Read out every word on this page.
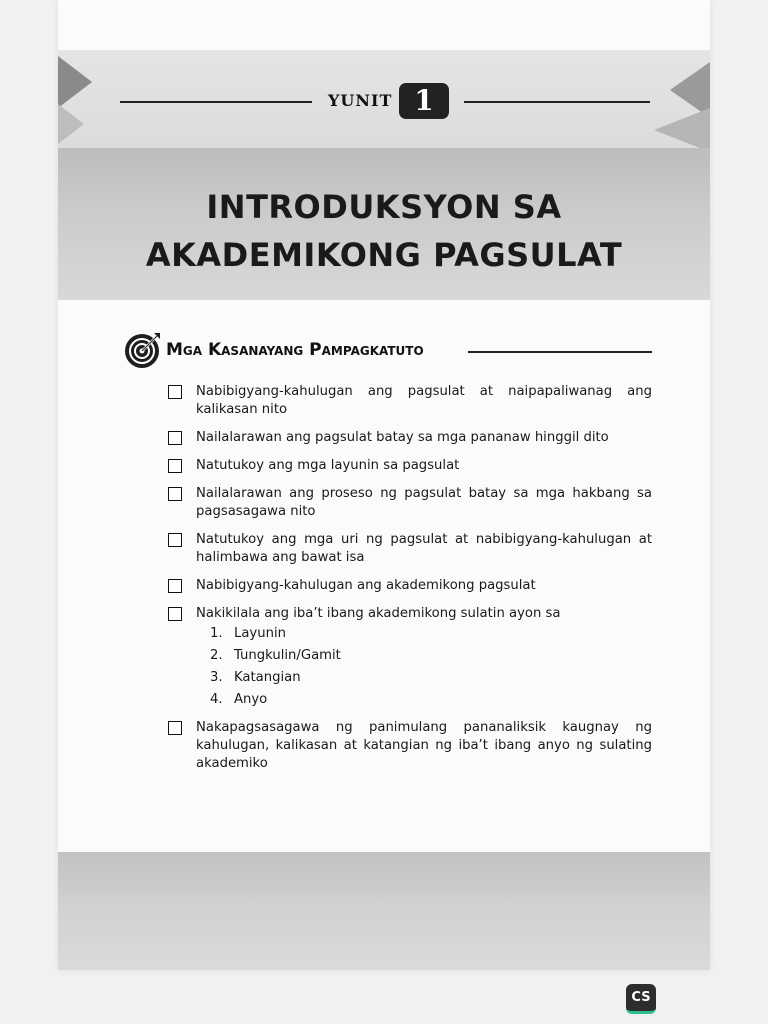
YUNIT 1
INTRODUKSYON SA
AKADEMIKONG PAGSULAT
Mga Kasanayang Pampagkatuto
Nabibigyang-kahulugan ang pagsulat at naipapaliwanag ang kalikasan nito
Nailalarawan ang pagsulat batay sa mga pananaw hinggil dito
Natutukoy ang mga layunin sa pagsulat
Nailalarawan ang proseso ng pagsulat batay sa mga hakbang sa pagsasagawa nito
Natutukoy ang mga uri ng pagsulat at nabibigyang-kahulugan at halimbawa ang bawat isa
Nabibigyang-kahulugan ang akademikong pagsulat
Nakikilala ang iba’t ibang akademikong sulatin ayon sa
1. Layunin
2. Tungkulin/Gamit
3. Katangian
4. Anyo
Nakapagsasagawa ng panimulang pananaliksik kaugnay ng kahulugan, kalikasan at katangian ng iba’t ibang anyo ng sulating akademiko
CS
